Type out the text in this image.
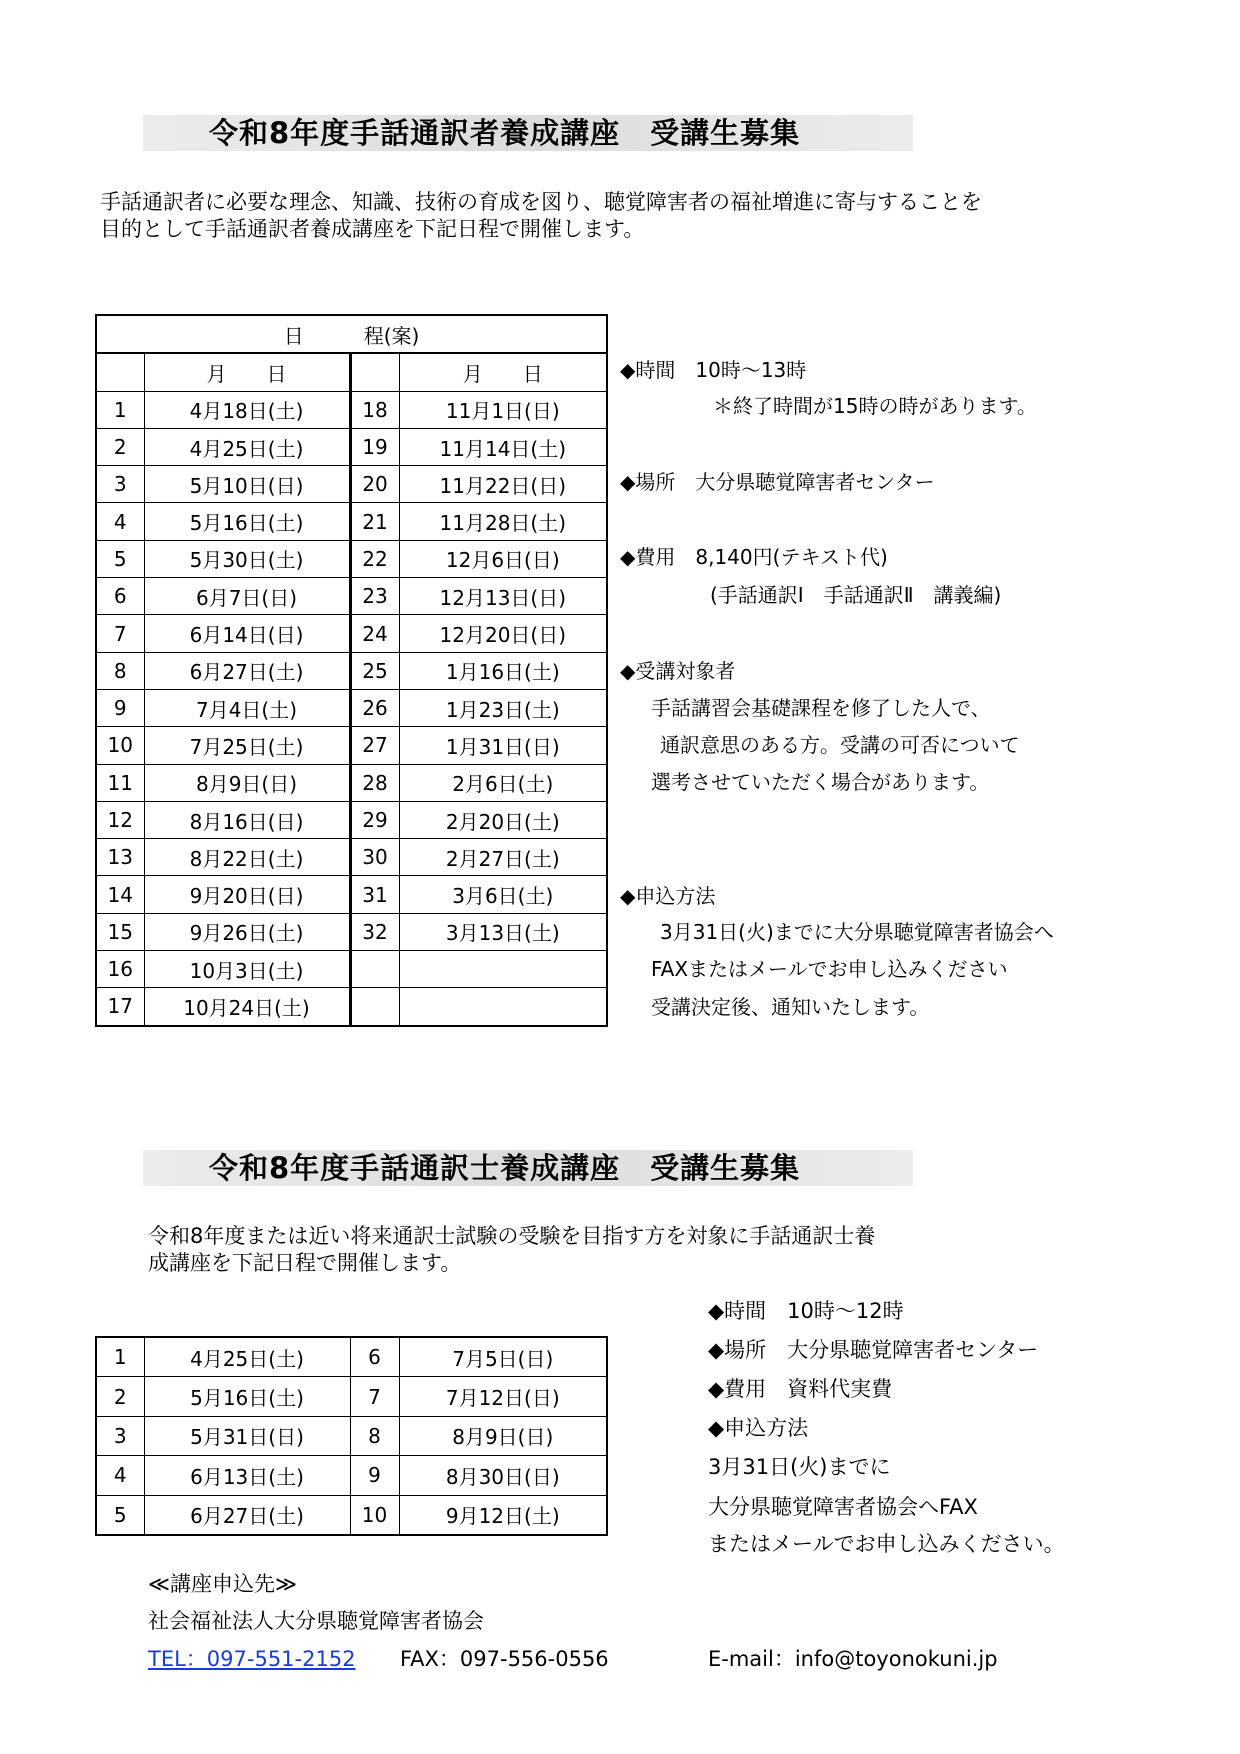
令和8年度手話通訳者養成講座　受講生募集
手話通訳者に必要な理念、知識、技術の育成を図り、聴覚障害者の福祉増進に寄与することを
目的として手話通訳者養成講座を下記日程で開催します。
日　　　程(案)			
	月　　日		月　　日
1	4月18日(土)	18	11月1日(日)
2	4月25日(土)	19	11月14日(土)
3	5月10日(日)	20	11月22日(日)
4	5月16日(土)	21	11月28日(土)
5	5月30日(土)	22	12月6日(日)
6	6月7日(日)	23	12月13日(日)
7	6月14日(日)	24	12月20日(日)
8	6月27日(土)	25	1月16日(土)
9	7月4日(土)	26	1月23日(土)
10	7月25日(土)	27	1月31日(日)
11	8月9日(日)	28	2月6日(土)
12	8月16日(日)	29	2月20日(土)
13	8月22日(土)	30	2月27日(土)
14	9月20日(日)	31	3月6日(土)
15	9月26日(土)	32	3月13日(土)
16	10月3日(土)		
17	10月24日(土)		
◆時間　10時～13時
＊終了時間が15時の時があります。
◆場所　大分県聴覚障害者センター
◆費用　8,140円(テキスト代)
(手話通訳Ⅰ　手話通訳Ⅱ　講義編)
◆受講対象者
手話講習会基礎課程を修了した人で、
通訳意思のある方。受講の可否について
選考させていただく場合があります。
◆申込方法
3月31日(火)までに大分県聴覚障害者協会へ
FAXまたはメールでお申し込みください
受講決定後、通知いたします。
令和8年度手話通訳士養成講座　受講生募集
令和8年度または近い将来通訳士試験の受験を目指す方を対象に手話通訳士養
成講座を下記日程で開催します。
1	4月25日(土)	6	7月5日(日)
2	5月16日(土)	7	7月12日(日)
3	5月31日(日)	8	8月9日(日)
4	6月13日(土)	9	8月30日(日)
5	6月27日(土)	10	9月12日(土)
◆時間　10時～12時
◆場所　大分県聴覚障害者センター
◆費用　資料代実費
◆申込方法
3月31日(火)までに
大分県聴覚障害者協会へFAX
またはメールでお申し込みください。
≪講座申込先≫
社会福祉法人大分県聴覚障害者協会
TEL：097-551-2152 FAX：097-556-0556	E-mail：info@toyonokuni.jp
